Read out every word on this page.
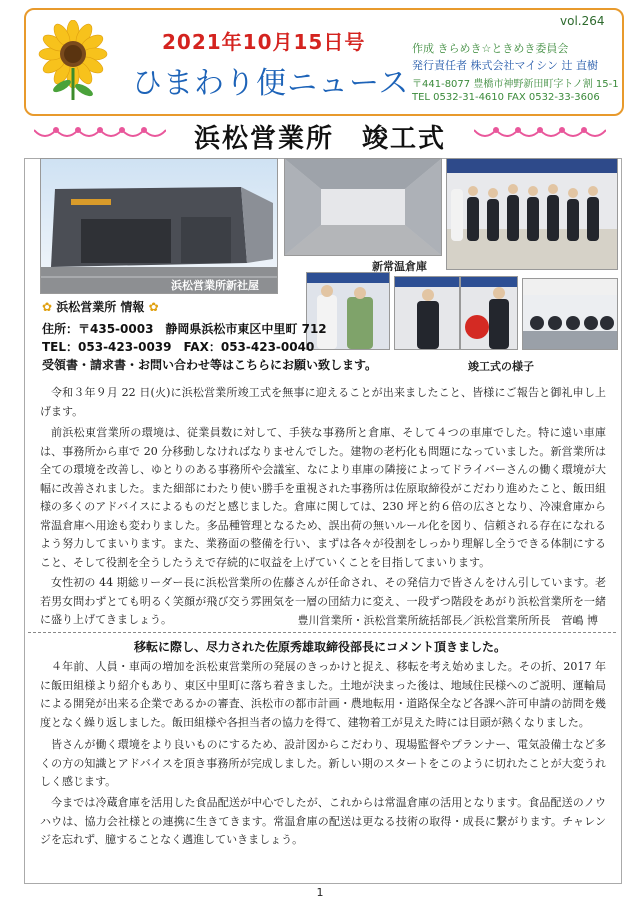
2021年10月15日号
ひまわり便ニュース
vol.264
作成 きらめき☆ときめき委員会
発行責任者 株式会社マイシン 辻 直樹
〒441-8077 豊橋市神野新田町字トノ割 15-1
TEL 0532-31-4610 FAX 0532-33-3606
浜松営業所　竣工式
浜松営業所新社屋
新常温倉庫
竣工式の様子
✿ 浜松営業所 情報 ✿
住所：〒435-0003　静岡県浜松市東区中里町 712
TEL：053-423-0039　FAX：053-423-0040
受領書・請求書・お問い合わせ等はこちらにお願い致します。
令和３年９月 22 日(火)に浜松営業所竣工式を無事に迎えることが出来ましたこと、皆様にご報告と御礼申し上げます。
前浜松東営業所の環境は、従業員数に対して、手狭な事務所と倉庫、そして４つの車庫でした。特に遠い車庫は、事務所から車で 20 分移動しなければなりませんでした。建物の老朽化も問題になっていました。新営業所は全ての環境を改善し、ゆとりのある事務所や会議室、なにより車庫の隣接によってドライバーさんの働く環境が大幅に改善されました。また細部にわたり使い勝手を重視された事務所は佐原取締役がこだわり進めたこと、飯田組様の多くのアドバイスによるものだと感じました。倉庫に関しては、230 坪と約６倍の広さとなり、冷凍倉庫から常温倉庫へ用途も変わりました。多品種管理となるため、誤出荷の無いルール化を図り、信頼される存在になれるよう努力してまいります。また、業務面の整備を行い、まずは各々が役割をしっかり理解し全うできる体制にすること、そして役割を全うしたうえで存続的に収益を上げていくことを目指してまいります。
女性初の 44 期総リーダー長に浜松営業所の佐藤さんが任命され、その発信力で皆さんをけん引しています。老若男女問わずとても明るく笑顔が飛び交う雰囲気を一層の団結力に変え、一段ずつ階段をあがり浜松営業所を一緒に盛り上げてきましょう。	豊川営業所・浜松営業所統括部長／浜松営業所所長　菅嶋 博
移転に際し、尽力された佐原秀雄取締役部長にコメント頂きました。
４年前、人員・車両の増加を浜松東営業所の発展のきっかけと捉え、移転を考え始めました。その折、2017 年に飯田組様より紹介もあり、東区中里町に落ち着きました。土地が決まった後は、地域住民様へのご説明、運輸局による開発が出来る企業であるかの審査、浜松市の都市計画・農地転用・道路保全など各課へ許可申請の訪問を幾度となく繰り返しました。飯田組様や各担当者の協力を得て、建物着工が見えた時には目頭が熱くなりました。
皆さんが働く環境をより良いものにするため、設計図からこだわり、現場監督やプランナー、電気設備士など多くの方の知識とアドバイスを頂き事務所が完成しました。新しい期のスタートをこのように切れたことが大変うれしく感じます。
今までは冷蔵倉庫を活用した食品配送が中心でしたが、これからは常温倉庫の活用となります。食品配送のノウハウは、協力会社様との連携に生きてきます。常温倉庫の配送は更なる技術の取得・成長に繋がります。チャレンジを忘れず、臆することなく邁進していきましょう。
1
